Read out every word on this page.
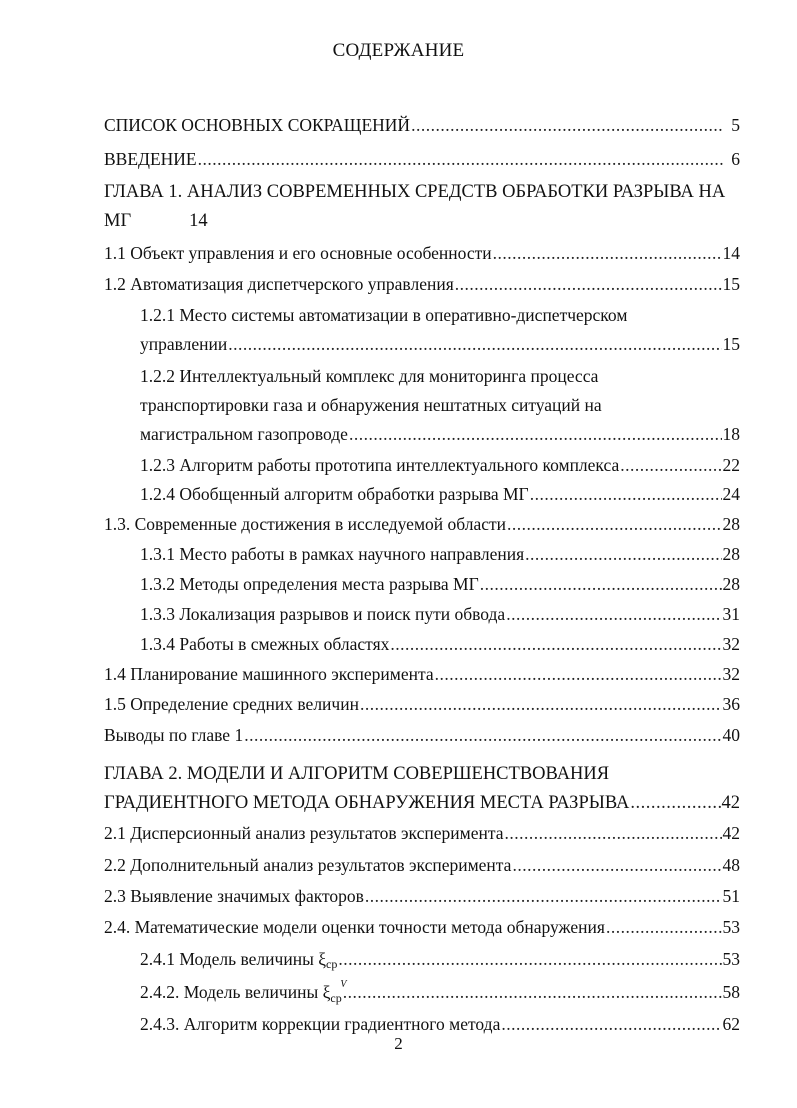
СОДЕРЖАНИЕ
СПИСОК ОСНОВНЫХ СОКРАЩЕНИЙ .....	5
ВВЕДЕНИЕ .....	6
ГЛАВА 1. АНАЛИЗ СОВРЕМЕННЫХ СРЕДСТВ ОБРАБОТКИ РАЗРЫВА НА
МГ	14
1.1 Объект управления и его основные особенности .....	14
1.2 Автоматизация диспетчерского управления .....	15
1.2.1 Место системы автоматизации в оперативно-диспетчерском
управлении .....	15
1.2.2 Интеллектуальный комплекс для мониторинга процесса
транспортировки газа и обнаружения нештатных ситуаций на
магистральном газопроводе .....	18
1.2.3 Алгоритм работы прототипа интеллектуального комплекса .....	22
1.2.4 Обобщенный алгоритм обработки разрыва МГ .....	24
1.3. Современные достижения в исследуемой области .....	28
1.3.1 Место работы в рамках научного направления .....	28
1.3.2 Методы определения места разрыва МГ .....	28
1.3.3 Локализация разрывов и поиск пути обвода .....	31
1.3.4 Работы в смежных областях .....	32
1.4 Планирование машинного эксперимента .....	32
1.5 Определение средних величин .....	36
Выводы по главе 1 .....	40
ГЛАВА 2. МОДЕЛИ И АЛГОРИТМ СОВЕРШЕНСТВОВАНИЯ
ГРАДИЕНТНОГО МЕТОДА ОБНАРУЖЕНИЯ МЕСТА РАЗРЫВА .....	42
2.1 Дисперсионный анализ результатов эксперимента .....	42
2.2 Дополнительный анализ результатов эксперимента .....	48
2.3 Выявление значимых факторов .....	51
2.4. Математические модели оценки точности метода обнаружения .....	53
2.4.1 Модель величины $\xi_{ср}$ .....	53
2.4.2. Модель величины ξ V
$_{ср}$ .....	58
2.4.3. Алгоритм коррекции градиентного метода .....	62
2
